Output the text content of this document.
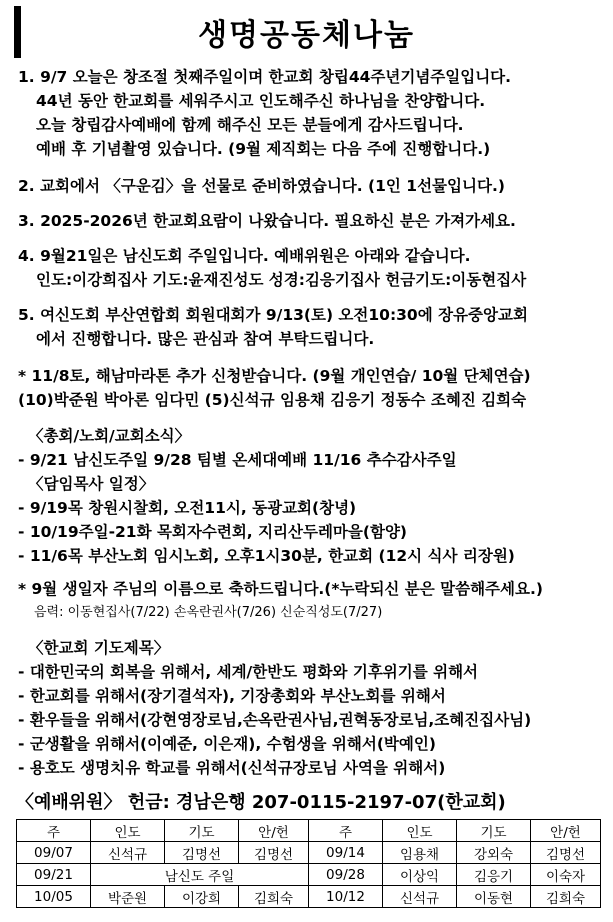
생명공동체나눔
1. 9/7 오늘은 창조절 첫째주일이며 한교회 창립44주년기념주일입니다.
44년 동안 한교회를 세워주시고 인도해주신 하나님을 찬양합니다.
오늘 창립감사예배에 함께 해주신 모든 분들에게 감사드립니다.
예배 후 기념촬영 있습니다. (9월 제직회는 다음 주에 진행합니다.)
2. 교회에서 〈구운김〉을 선물로 준비하였습니다. (1인 1선물입니다.)
3. 2025-2026년 한교회요람이 나왔습니다. 필요하신 분은 가져가세요.
4. 9월21일은 남신도회 주일입니다. 예배위원은 아래와 같습니다.
인도:이강희집사 기도:윤재진성도 성경:김응기집사 헌금기도:이동현집사
5. 여신도회 부산연합회 회원대회가 9/13(토) 오전10:30에 장유중앙교회
에서 진행합니다. 많은 관심과 참여 부탁드립니다.
* 11/8토, 해남마라톤 추가 신청받습니다. (9월 개인연습/ 10월 단체연습)
(10)박준원 박아론 임다민 (5)신석규 임용채 김응기 정동수 조혜진 김희숙
〈총회/노회/교회소식〉
- 9/21 남신도주일 9/28 팀별 온세대예배 11/16 추수감사주일
〈담임목사 일정〉
- 9/19목 창원시찰회, 오전11시, 동광교회(창녕)
- 10/19주일-21화 목회자수련회, 지리산두레마을(함양)
- 11/6목 부산노회 임시노회, 오후1시30분, 한교회 (12시 식사 리장원)
* 9월 생일자 주님의 이름으로 축하드립니다.(*누락되신 분은 말씀해주세요.)
음력: 이동현집사(7/22) 손옥란권사(7/26) 신순직성도(7/27)
〈한교회 기도제목〉
- 대한민국의 회복을 위해서, 세계/한반도 평화와 기후위기를 위해서
- 한교회를 위해서(장기결석자), 기장총회와 부산노회를 위해서
- 환우들을 위해서(강현영장로님,손옥란권사님,권혁동장로님,조혜진집사님)
- 군생활을 위해서(이예준, 이은재), 수험생을 위해서(박예인)
- 용호도 생명치유 학교를 위해서(신석규장로님 사역을 위해서)
〈예배위원〉 헌금: 경남은행 207-0115-2197-07(한교회)
주	인도	기도	안/헌	주	인도	기도	안/헌
09/07	신석규	김명선	김명선	09/14	임용채	강외숙	김명선
09/21	남신도 주일			09/28	이상익	김응기	이숙자
10/05	박준원	이강희	김희숙	10/12	신석규	이동현	김희숙
